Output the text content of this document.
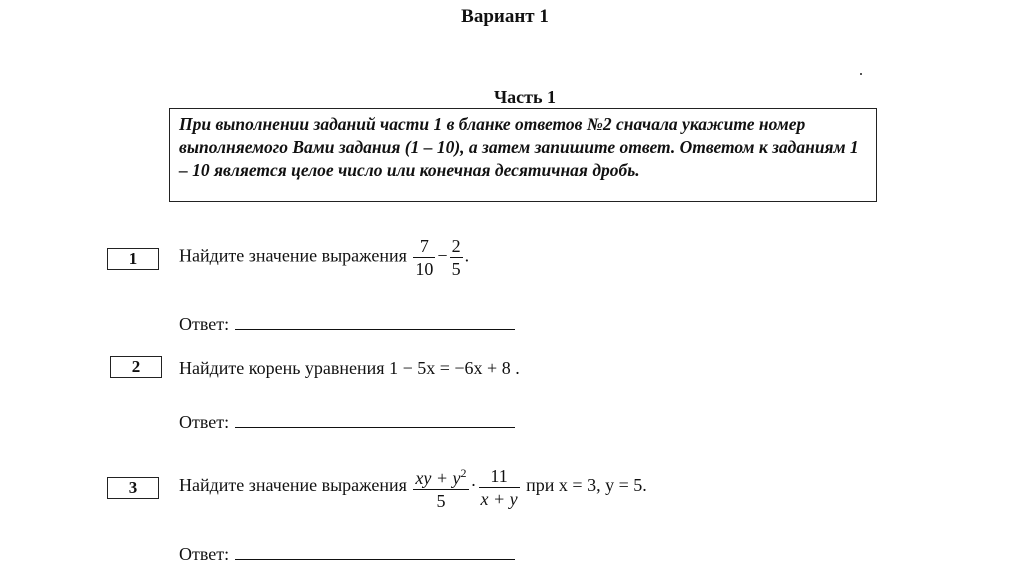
Вариант 1
Часть 1
При выполнении заданий части 1 в бланке ответов №2 сначала укажите номер выполняемого Вами задания (1 – 10), а затем запишите ответ. Ответом к заданиям 1 – 10 является целое число или конечная десятичная дробь.
1	Найдите значение выражения $\frac{7}{10} - \frac{2}{5}$ .
Ответ:
2	Найдите корень уравнения 1 − 5x = −6x + 8 .
Ответ:
3	Найдите значение выражения $\frac{xy + y^2}{5} \cdot \frac{11}{x + y}$ при x = 3, y = 5.
Ответ:
